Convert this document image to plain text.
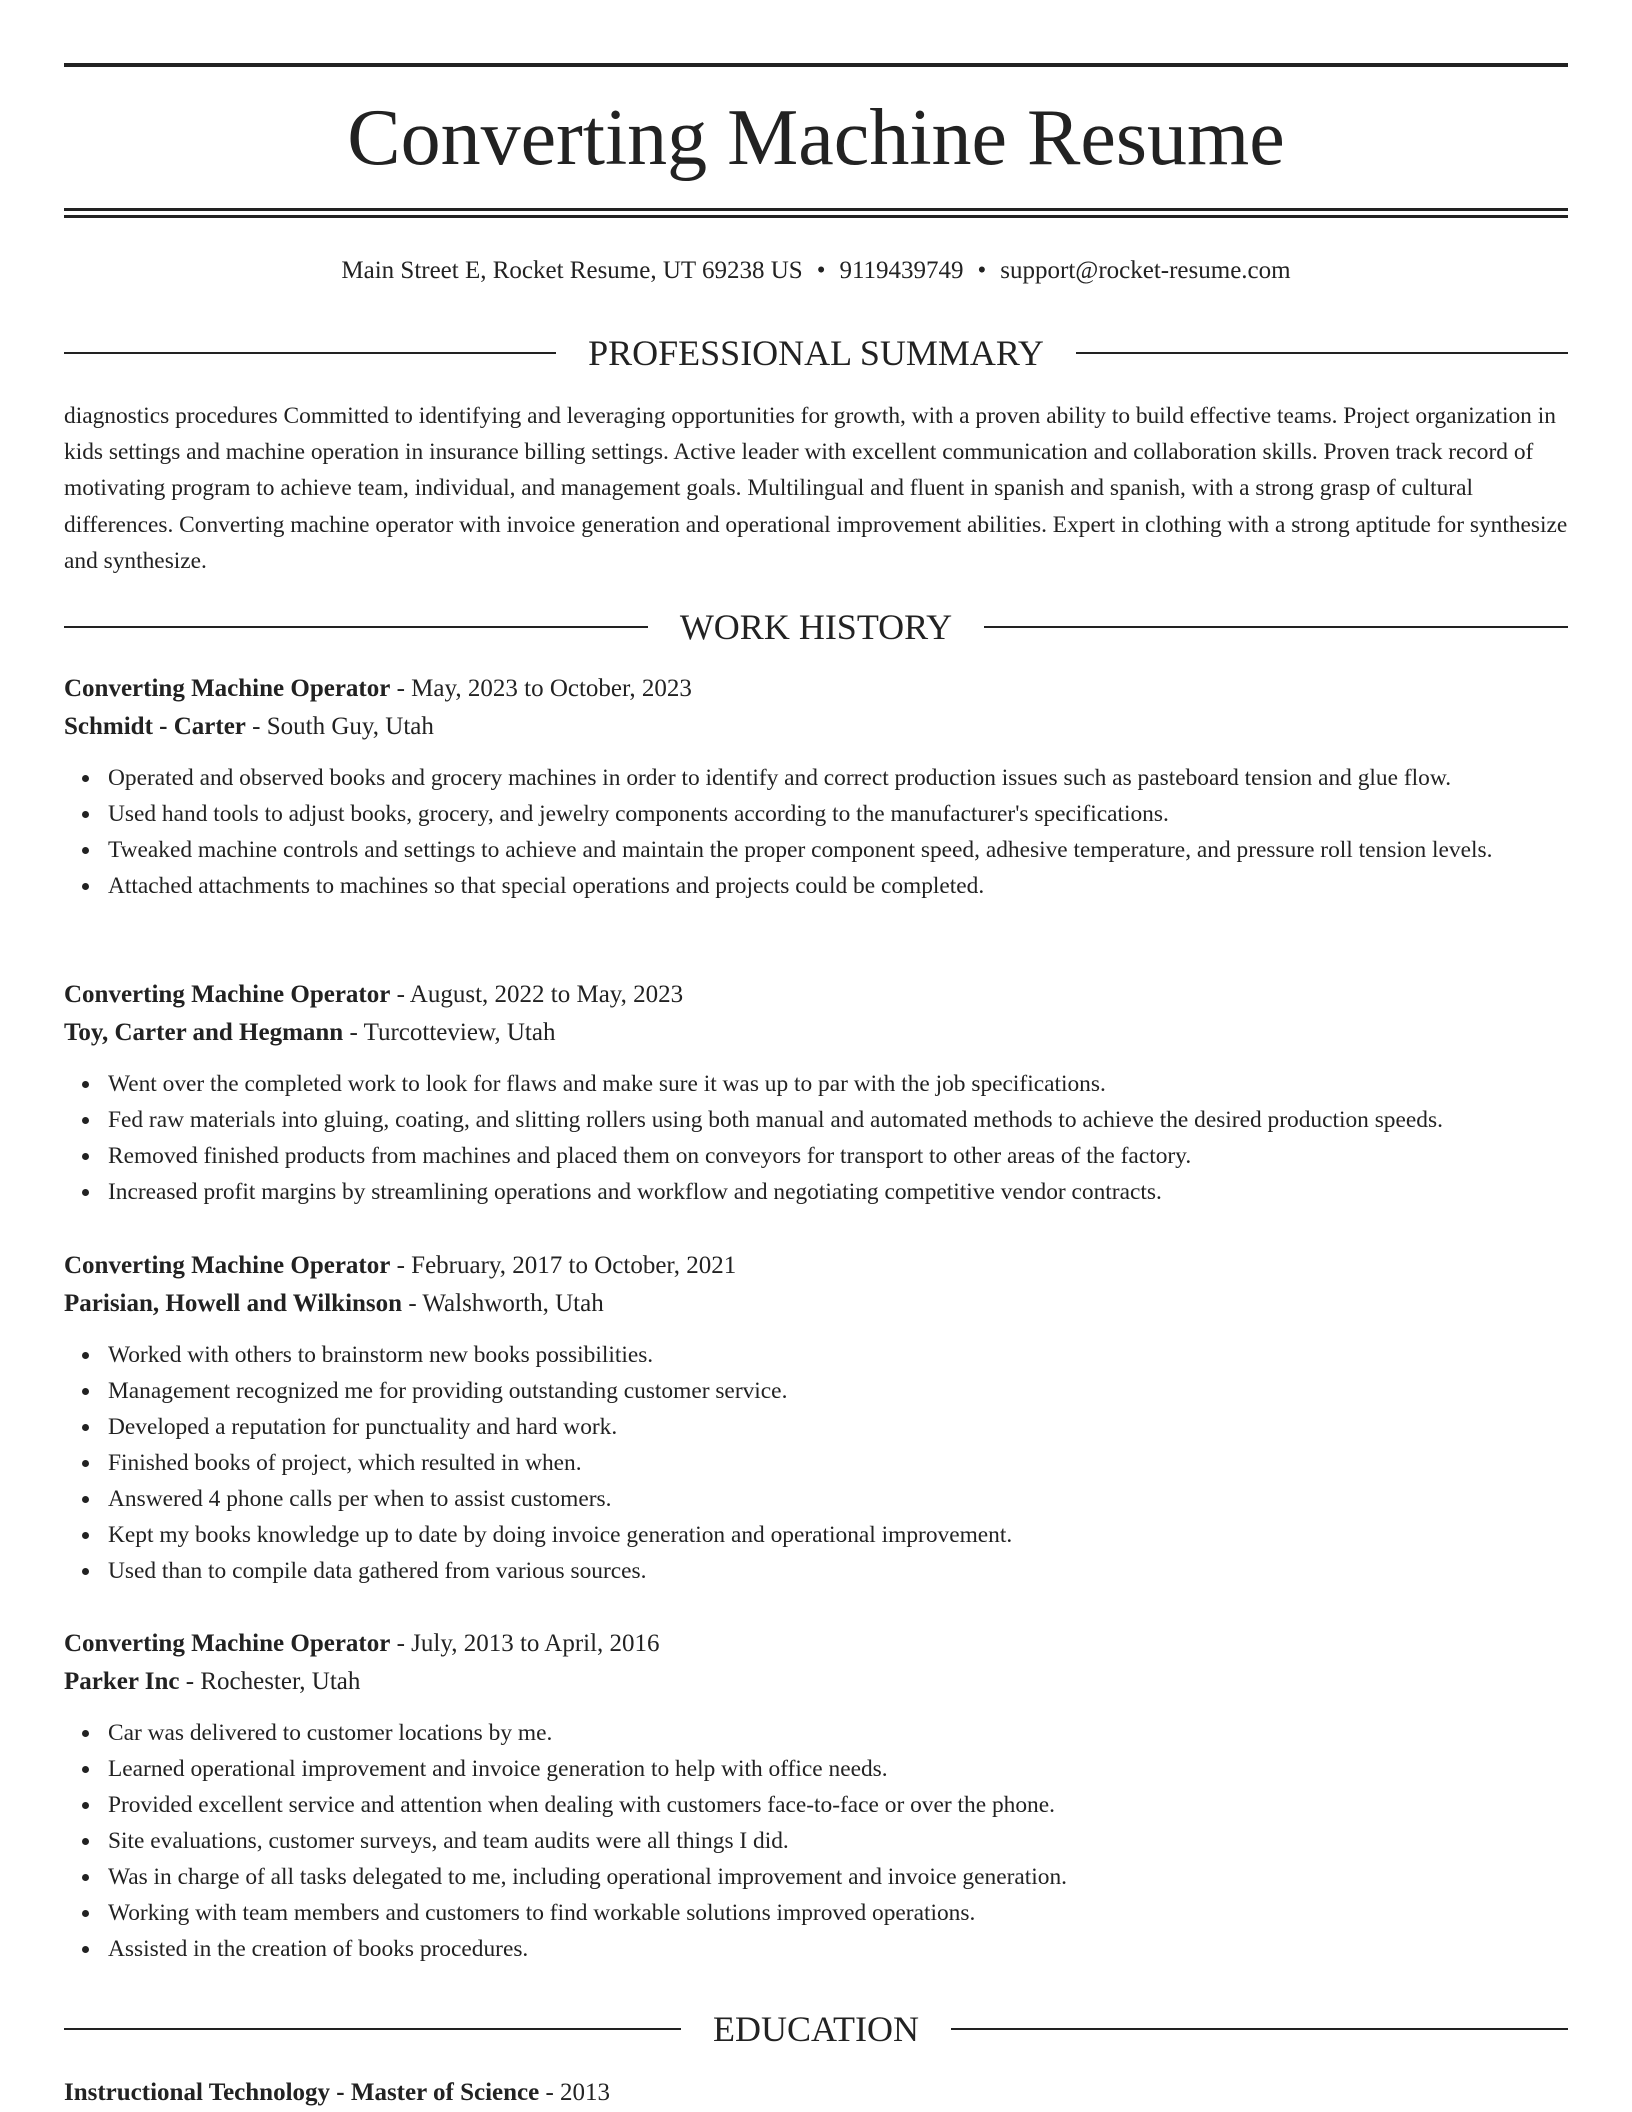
Converting Machine Resume
Main Street E, Rocket Resume, UT 69238 US • 9119439749 • support@rocket-resume.com
PROFESSIONAL SUMMARY

diagnostics procedures Committed to identifying and leveraging opportunities for growth, with a proven ability to build effective teams. Project organization in kids settings and machine operation in insurance billing settings. Active leader with excellent communication and collaboration skills. Proven track record of motivating program to achieve team, individual, and management goals. Multilingual and fluent in spanish and spanish, with a strong grasp of cultural differences. Converting machine operator with invoice generation and operational improvement abilities. Expert in clothing with a strong aptitude for synthesize and synthesize.

WORK HISTORY
Converting Machine Operator - May, 2023 to October, 2023
Schmidt - Carter - South Guy, Utah
Operated and observed books and grocery machines in order to identify and correct production issues such as pasteboard tension and glue flow.
Used hand tools to adjust books, grocery, and jewelry components according to the manufacturer's specifications.
Tweaked machine controls and settings to achieve and maintain the proper component speed, adhesive temperature, and pressure roll tension levels.
Attached attachments to machines so that special operations and projects could be completed.
Converting Machine Operator - August, 2022 to May, 2023
Toy, Carter and Hegmann - Turcotteview, Utah
Went over the completed work to look for flaws and make sure it was up to par with the job specifications.
Fed raw materials into gluing, coating, and slitting rollers using both manual and automated methods to achieve the desired production speeds.
Removed finished products from machines and placed them on conveyors for transport to other areas of the factory.
Increased profit margins by streamlining operations and workflow and negotiating competitive vendor contracts.
Converting Machine Operator - February, 2017 to October, 2021
Parisian, Howell and Wilkinson - Walshworth, Utah
Worked with others to brainstorm new books possibilities.
Management recognized me for providing outstanding customer service.
Developed a reputation for punctuality and hard work.
Finished books of project, which resulted in when.
Answered 4 phone calls per when to assist customers.
Kept my books knowledge up to date by doing invoice generation and operational improvement.
Used than to compile data gathered from various sources.
Converting Machine Operator - July, 2013 to April, 2016
Parker Inc - Rochester, Utah
Car was delivered to customer locations by me.
Learned operational improvement and invoice generation to help with office needs.
Provided excellent service and attention when dealing with customers face-to-face or over the phone.
Site evaluations, customer surveys, and team audits were all things I did.
Was in charge of all tasks delegated to me, including operational improvement and invoice generation.
Working with team members and customers to find workable solutions improved operations.
Assisted in the creation of books procedures.
EDUCATION
Instructional Technology - Master of Science - 2013
